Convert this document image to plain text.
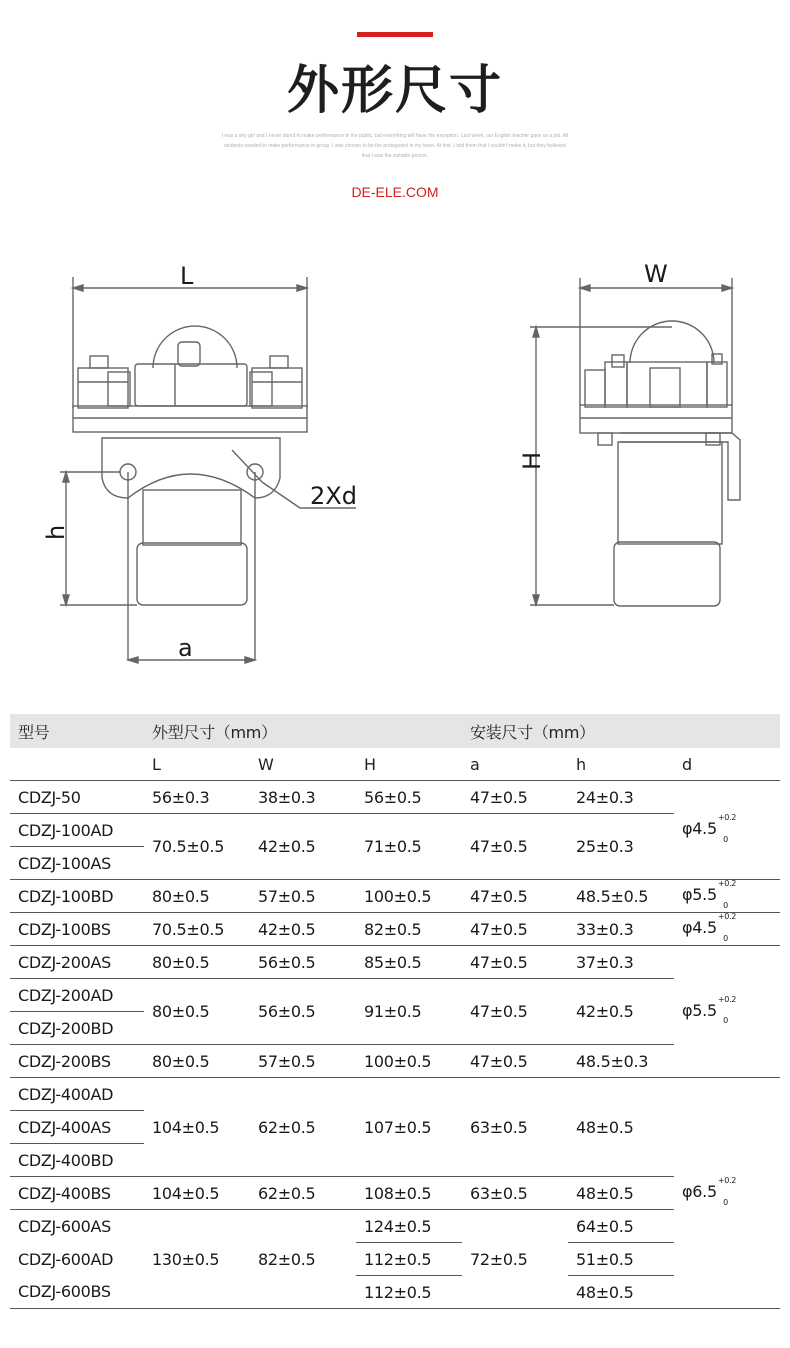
外形尺寸
I was a shy girl and I never dared to make performance in the public, but everything will have the exception. Last week, our English teacher gave us a job. All students needed to make performance in group. I was chosen to be the protagonist in my team. At first, I told them that I couldn't make it, but they believed that I was the suitable person.
DE-ELE.COM
L	W
H
h
a
2Xd
型号	外型尺寸（mm）			安装尺寸（mm）		
	L	W	H	a	h	d
CDZJ-50	56±0.3	38±0.3	56±0.5	47±0.5	24±0.3	$\varphi 4.5^{+0.2}_0$
CDZJ-100AD	70.5±0.5	42±0.5	71±0.5	47±0.5	25±0.3	
CDZJ-100AS						
CDZJ-100BD	80±0.5	57±0.5	100±0.5	47±0.5	48.5±0.5	$\varphi 5.5^{+0.2}_0$
CDZJ-100BS	70.5±0.5	42±0.5	82±0.5	47±0.5	33±0.3	$\varphi 4.5^{+0.2}_0$
CDZJ-200AS	80±0.5	56±0.5	85±0.5	47±0.5	37±0.3	$\varphi 5.5^{+0.2}_0$
CDZJ-200AD	80±0.5	56±0.5	91±0.5	47±0.5	42±0.5	
CDZJ-200BD						
CDZJ-200BS	80±0.5	57±0.5	100±0.5	47±0.5	48.5±0.3	
CDZJ-400AD	104±0.5	62±0.5	107±0.5	63±0.5	48±0.5	$\varphi 6.5^{+0.2}_0$
CDZJ-400AS						
CDZJ-400BD						
CDZJ-400BS	104±0.5	62±0.5	108±0.5	63±0.5	48±0.5	
CDZJ-600AS	130±0.5	82±0.5	124±0.5	72±0.5	64±0.5	
CDZJ-600AD			112±0.5		51±0.5	
CDZJ-600BS			112±0.5		48±0.5	
